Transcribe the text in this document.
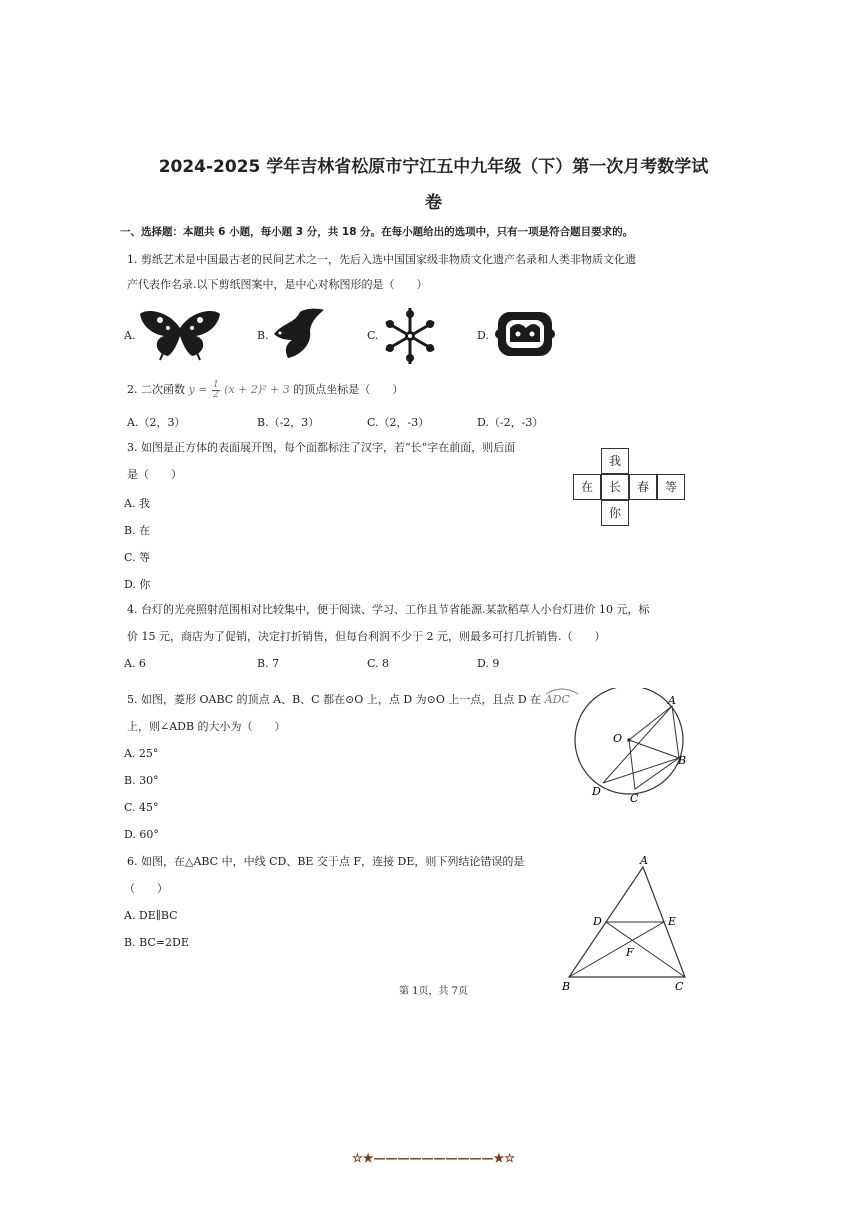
2024-2025 学年吉林省松原市宁江五中九年级（下）第一次月考数学试
卷
一、选择题：本题共 6 小题，每小题 3 分，共 18 分。在每小题给出的选项中，只有一项是符合题目要求的。
1. 剪纸艺术是中国最古老的民间艺术之一，先后入选中国国家级非物质文化遗产名录和人类非物质文化遗
产代表作名录.以下剪纸图案中，是中心对称图形的是（　　）
A.	B.	C.	D.
2. 二次函数 $y = \frac{1}{2} (x + 2)^2 + 3$ 的顶点坐标是（　　）
A.（2，3）	B.（-2，3）	C.（2，-3）	D.（-2，-3）
3. 如图是正方体的表面展开图，每个面都标注了汉字，若“长”字在前面，则后面
是（　　）
A. 我
B. 在
C. 等
D. 你
我
在	长	春	等
你
4. 台灯的光亮照射范围相对比较集中，便于阅读、学习、工作且节省能源.某款稻草人小台灯进价 10 元，标
价 15 元，商店为了促销，决定打折销售，但每台利润不少于 2 元，则最多可打几折销售.（　　）
A. 6	B. 7	C. 8	D. 9
5. 如图，菱形 OABC 的顶点 A、B、C 都在⊙O 上，点 D 为⊙O 上一点，且点 D 在 ADC
上，则∠ADB 的大小为（　　）
A. 25°
B. 30°
C. 45°
D. 60°
O
A
B
C
D
6. 如图，在△ABC 中，中线 CD、BE 交于点 F，连接 DE，则下列结论错误的是
（　　）
A. DE∥BC
B. BC=2DE
A
B	C
D	E
F
第 1页，共 7页
☆★——————————★☆
